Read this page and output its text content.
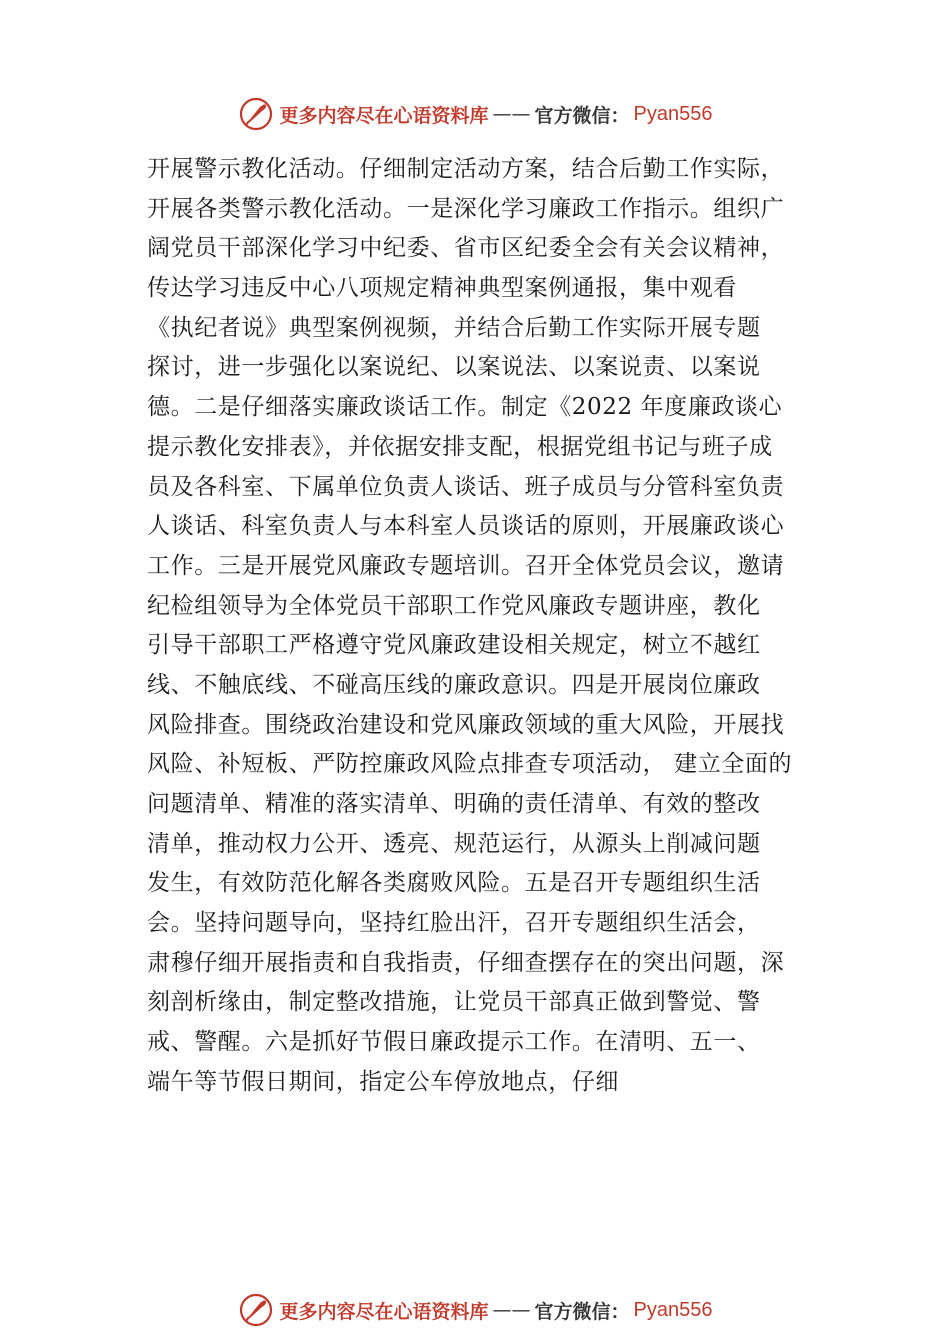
更多内容尽在心语资料库 —— 官方微信： Pyan556
开展警示教化活动。仔细制定活动方案，结合后勤工作实际，
开展各类警示教化活动。一是深化学习廉政工作指示。组织广
阔党员干部深化学习中纪委、省市区纪委全会有关会议精神，
传达学习违反中心八项规定精神典型案例通报，集中观看
《执纪者说》典型案例视频，并结合后勤工作实际开展专题
探讨，进一步强化以案说纪、以案说法、以案说责、以案说
德。二是仔细落实廉政谈话工作。制定《2022 年度廉政谈心
提示教化安排表》，并依据安排支配，根据党组书记与班子成
员及各科室、下属单位负责人谈话、班子成员与分管科室负责
人谈话、科室负责人与本科室人员谈话的原则，开展廉政谈心
工作。三是开展党风廉政专题培训。召开全体党员会议，邀请
纪检组领导为全体党员干部职工作党风廉政专题讲座，教化
引导干部职工严格遵守党风廉政建设相关规定，树立不越红
线、不触底线、不碰高压线的廉政意识。四是开展岗位廉政
风险排查。围绕政治建设和党风廉政领域的重大风险，开展找
风险、补短板、严防控廉政风险点排查专项活动， 建立全面的
问题清单、精准的落实清单、明确的责任清单、有效的整改
清单，推动权力公开、透亮、规范运行，从源头上削减问题
发生，有效防范化解各类腐败风险。五是召开专题组织生活
会。坚持问题导向，坚持红脸出汗，召开专题组织生活会，
肃穆仔细开展指责和自我指责，仔细查摆存在的突出问题，深
刻剖析缘由，制定整改措施，让党员干部真正做到警觉、警
戒、警醒。六是抓好节假日廉政提示工作。在清明、五一、
端午等节假日期间，指定公车停放地点，仔细
更多内容尽在心语资料库 —— 官方微信： Pyan556
